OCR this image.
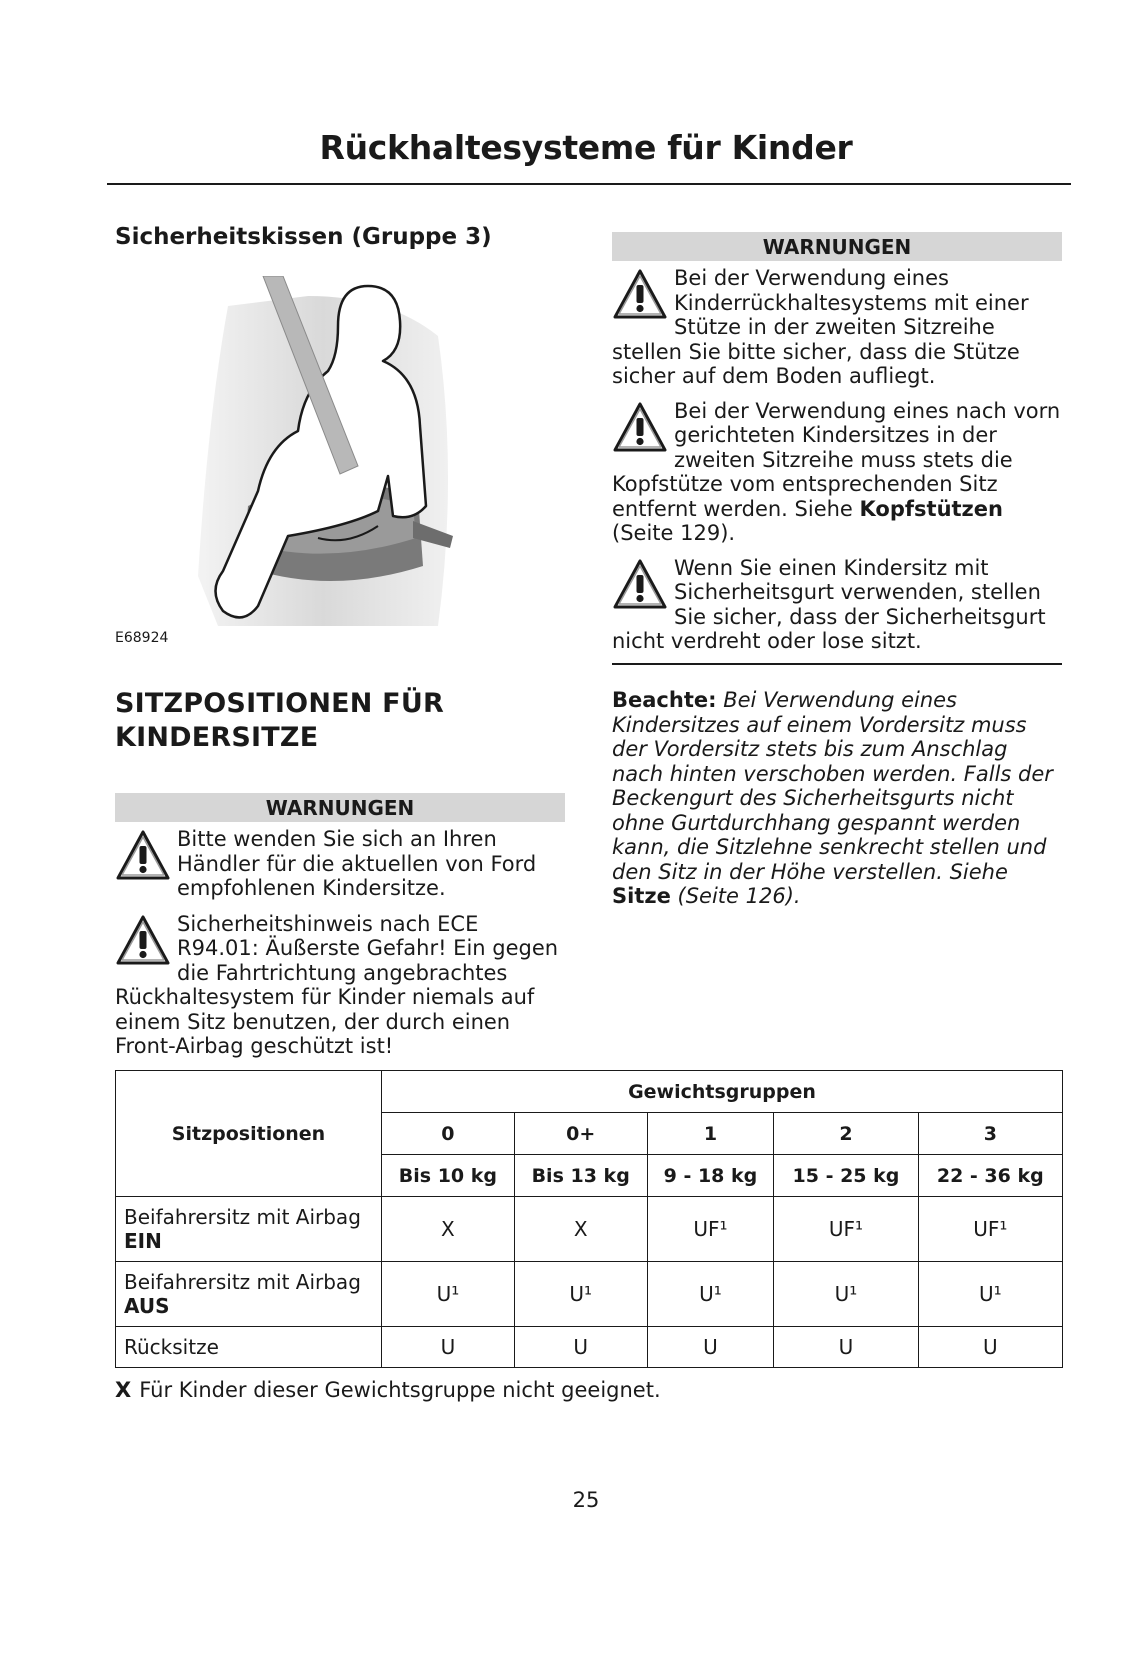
Rückhaltesysteme für Kinder
Sicherheitskissen (Gruppe 3)
E68924
SITZPOSITIONEN FÜR
KINDERSITZE
WARNUNGEN

Bitte wenden Sie sich an Ihren Händler für die aktuellen von Ford empfohlenen Kindersitze.

Sicherheitshinweis nach ECE R94.01: Äußerste Gefahr! Ein gegen die Fahrtrichtung angebrachtes Rückhaltesystem für Kinder niemals auf einem Sitz benutzen, der durch einen Front-Airbag geschützt ist!

WARNUNGEN

Bei der Verwendung eines Kinderrückhaltesystems mit einer Stütze in der zweiten Sitzreihe stellen Sie bitte sicher, dass die Stütze sicher auf dem Boden aufliegt.

Bei der Verwendung eines nach vorn gerichteten Kindersitzes in der zweiten Sitzreihe muss stets die Kopfstütze vom entsprechenden Sitz entfernt werden. Siehe Kopfstützen
(Seite 129).

Wenn Sie einen Kindersitz mit Sicherheitsgurt verwenden, stellen Sie sicher, dass der Sicherheitsgurt nicht verdreht oder lose sitzt.

Beachte: Bei Verwendung eines Kindersitzes auf einem Vordersitz muss der Vordersitz stets bis zum Anschlag nach hinten verschoben werden. Falls der Beckengurt des Sicherheitsgurts nicht ohne Gurtdurchhang gespannt werden kann, die Sitzlehne senkrecht stellen und den Sitz in der Höhe verstellen. Siehe Sitze (Seite 126).
Sitzpositionen	Gewichtsgruppen				
	0	0+	1	2	3
	Bis 10 kg	Bis 13 kg	9 - 18 kg	15 - 25 kg	22 - 36 kg
Beifahrersitz mit Airbag
EIN	X	X	UF¹	UF¹	UF¹
Beifahrersitz mit Airbag
AUS	U¹	U¹	U¹	U¹	U¹
Rücksitze	U	U	U	U	U
X Für Kinder dieser Gewichtsgruppe nicht geeignet.
25
